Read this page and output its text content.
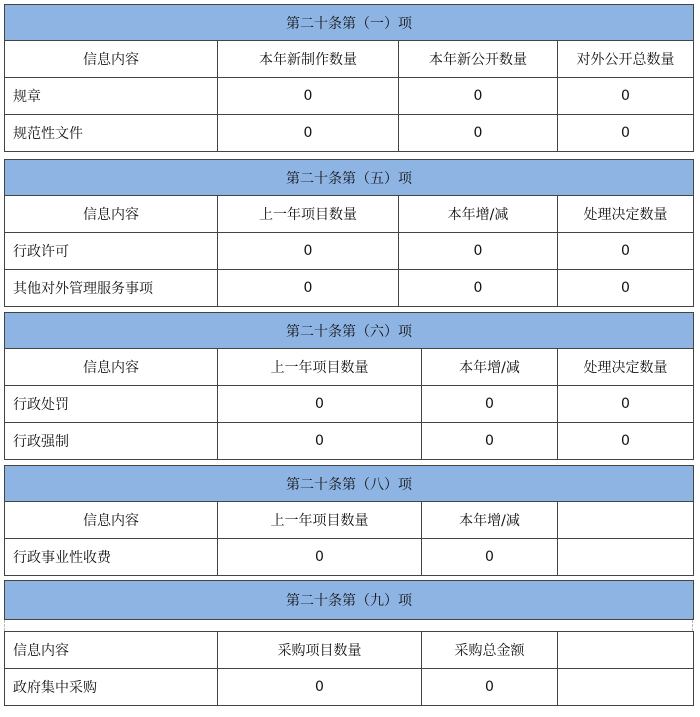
第二十条第（一）项			
信息内容	本年新制作数量	本年新公开数量	对外公开总数量
规章	0	0	0
规范性文件	0	0	0
第二十条第（五）项			
信息内容	上一年项目数量	本年增/减	处理决定数量
行政许可	0	0	0
其他对外管理服务事项	0	0	0
第二十条第（六）项			
信息内容	上一年项目数量	本年增/减	处理决定数量
行政处罚	0	0	0
行政强制	0	0	0
第二十条第（八）项			
信息内容	上一年项目数量	本年增/减	
行政事业性收费	0	0	
第二十条第（九）项
信息内容	采购项目数量	采购总金额	
政府集中采购	0	0	
